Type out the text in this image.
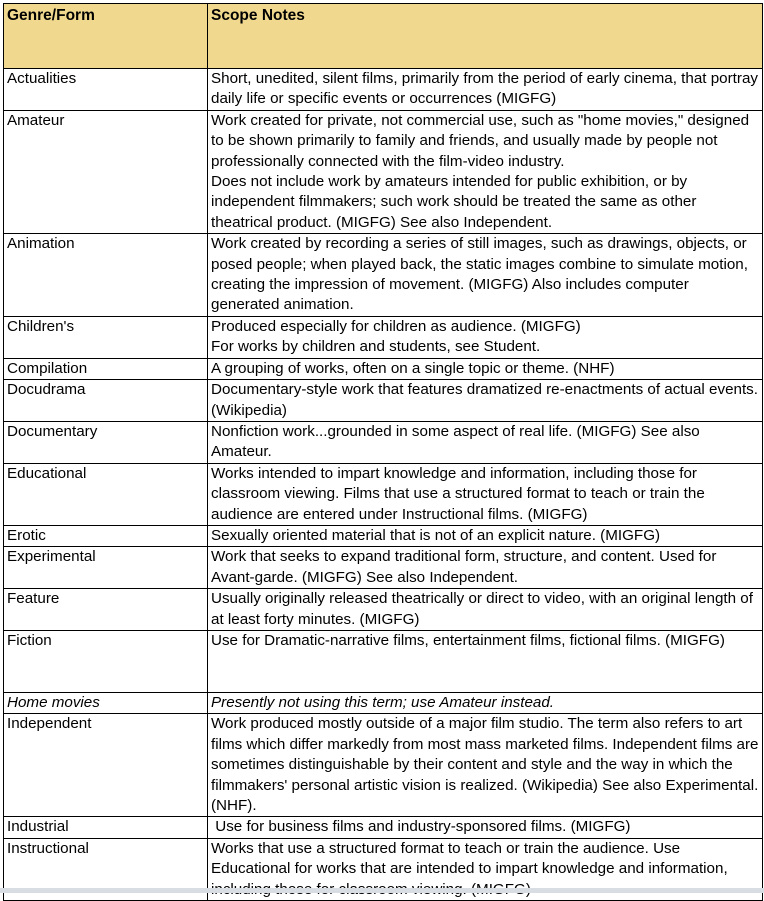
Genre/Form	Scope Notes
Actualities	Short, unedited, silent films, primarily from the period of early cinema, that portray daily life or specific events or occurrences (MIGFG)
Amateur	Work created for private, not commercial use, such as "home movies," designed to be shown primarily to family and friends, and usually made by people not professionally connected with the film-video industry.
Does not include work by amateurs intended for public exhibition, or by independent filmmakers; such work should be treated the same as other theatrical product. (MIGFG) See also Independent.

Animation	Work created by recording a series of still images, such as drawings, objects, or posed people; when played back, the static images combine to simulate motion, creating the impression of movement. (MIGFG) Also includes computer generated animation.
Children's	Produced especially for children as audience. (MIGFG)
For works by children and students, see Student.

Compilation	A grouping of works, often on a single topic or theme. (NHF)
Docudrama	Documentary-style work that features dramatized re-enactments of actual events. (Wikipedia)
Documentary	Nonfiction work...grounded in some aspect of real life. (MIGFG) See also Amateur.
Educational	Works intended to impart knowledge and information, including those for classroom viewing. Films that use a structured format to teach or train the audience are entered under Instructional films. (MIGFG)
Erotic	Sexually oriented material that is not of an explicit nature. (MIGFG)
Experimental	Work that seeks to expand traditional form, structure, and content. Used for Avant-garde. (MIGFG) See also Independent.
Feature	Usually originally released theatrically or direct to video, with an original length of at least forty minutes. (MIGFG)
Fiction	Use for Dramatic-narrative films, entertainment films, fictional films. (MIGFG)
Home movies	Presently not using this term; use Amateur instead.
Independent	Work produced mostly outside of a major film studio. The term also refers to art films which differ markedly from most mass marketed films. Independent films are sometimes distinguishable by their content and style and the way in which the filmmakers' personal artistic vision is realized. (Wikipedia) See also Experimental. (NHF).
Industrial	Use for business films and industry-sponsored films. (MIGFG)
Instructional	Works that use a structured format to teach or train the audience. Use Educational for works that are intended to impart knowledge and information,
